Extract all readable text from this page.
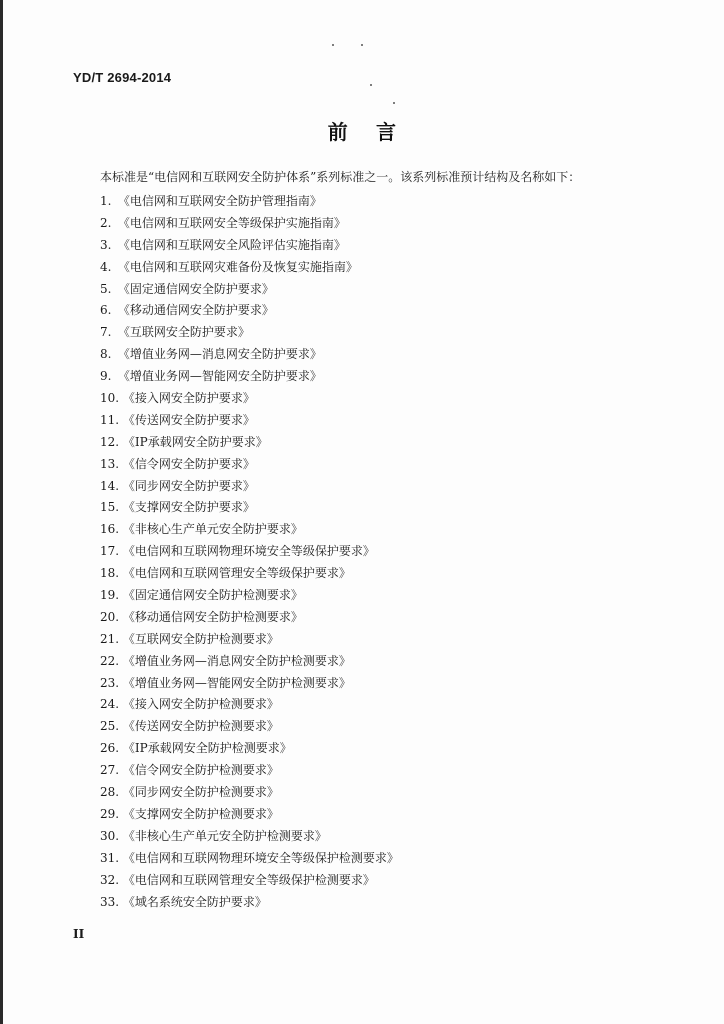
YD/T 2694-2014
前 言
本标准是“电信网和互联网安全防护体系”系列标准之一。该系列标准预计结构及名称如下：
1. 《电信网和互联网安全防护管理指南》
2. 《电信网和互联网安全等级保护实施指南》
3. 《电信网和互联网安全风险评估实施指南》
4. 《电信网和互联网灾难备份及恢复实施指南》
5. 《固定通信网安全防护要求》
6. 《移动通信网安全防护要求》
7. 《互联网安全防护要求》
8. 《增值业务网—消息网安全防护要求》
9. 《增值业务网—智能网安全防护要求》
10. 《接入网安全防护要求》
11. 《传送网安全防护要求》
12. 《IP承载网安全防护要求》
13. 《信令网安全防护要求》
14. 《同步网安全防护要求》
15. 《支撑网安全防护要求》
16. 《非核心生产单元安全防护要求》
17. 《电信网和互联网物理环境安全等级保护要求》
18. 《电信网和互联网管理安全等级保护要求》
19. 《固定通信网安全防护检测要求》
20. 《移动通信网安全防护检测要求》
21. 《互联网安全防护检测要求》
22. 《增值业务网—消息网安全防护检测要求》
23. 《增值业务网—智能网安全防护检测要求》
24. 《接入网安全防护检测要求》
25. 《传送网安全防护检测要求》
26. 《IP承载网安全防护检测要求》
27. 《信令网安全防护检测要求》
28. 《同步网安全防护检测要求》
29. 《支撑网安全防护检测要求》
30. 《非核心生产单元安全防护检测要求》
31. 《电信网和互联网物理环境安全等级保护检测要求》
32. 《电信网和互联网管理安全等级保护检测要求》
33. 《域名系统安全防护要求》
II
